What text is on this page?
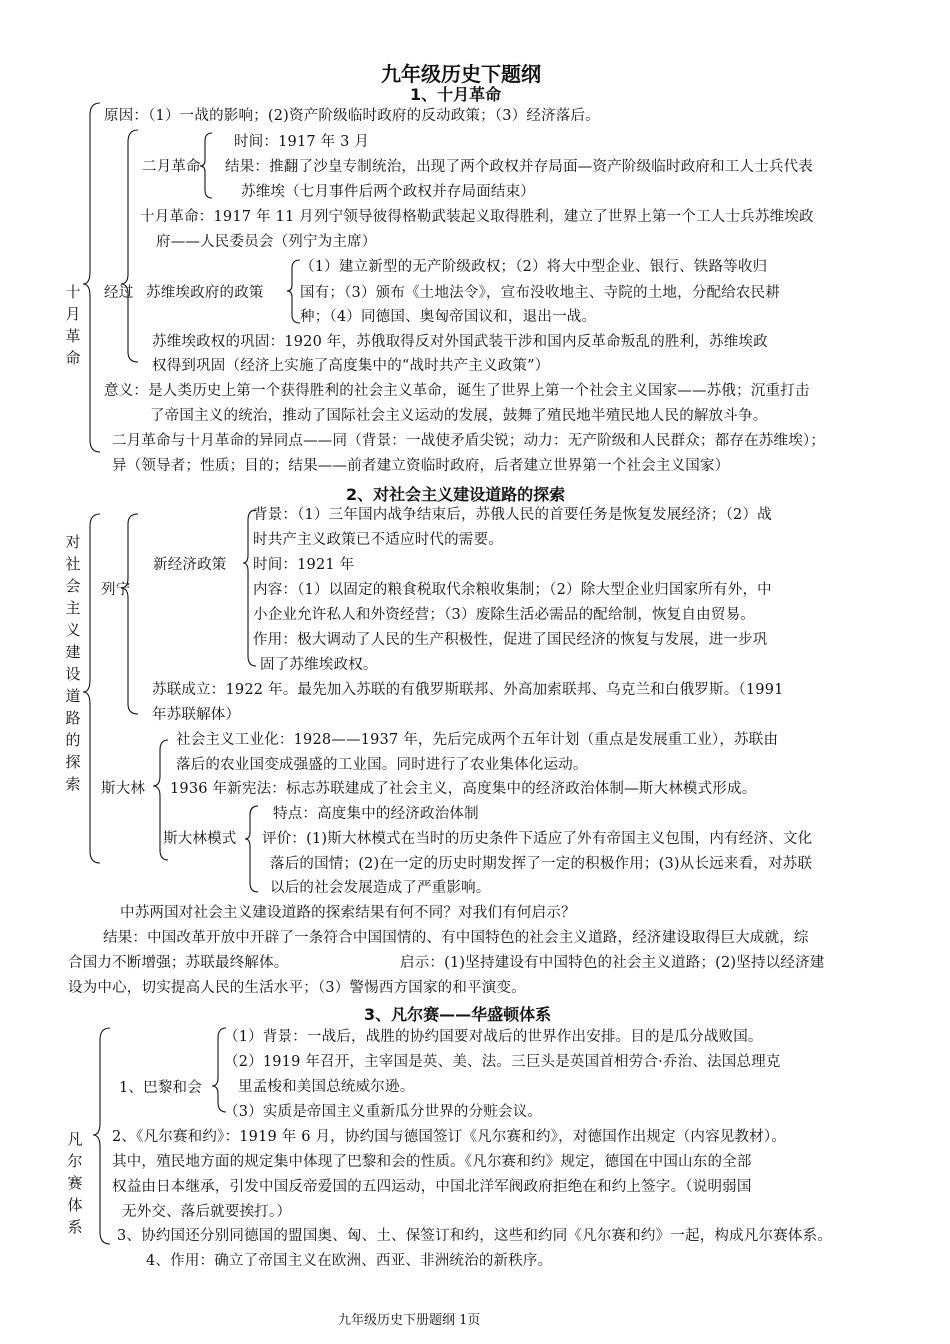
九年级历史下题纲
1、十月革命
十月革命
原因：（1）一战的影响；(2)资产阶级临时政府的反动政策；（3）经济落后。
经过
二月革命
时间：1917 年 3 月
结果：推翻了沙皇专制统治，出现了两个政权并存局面—资产阶级临时政府和工人士兵代表
苏维埃（七月事件后两个政权并存局面结束）
十月革命：1917 年 11 月列宁领导彼得格勒武装起义取得胜利，建立了世界上第一个工人士兵苏维埃政
府——人民委员会（列宁为主席）
苏维埃政府的政策
（1）建立新型的无产阶级政权；（2）将大中型企业、银行、铁路等收归
国有；（3）颁布《土地法令》，宣布没收地主、寺院的土地，分配给农民耕
种；（4）同德国、奥匈帝国议和，退出一战。
苏维埃政权的巩固：1920 年，苏俄取得反对外国武装干涉和国内反革命叛乱的胜利，苏维埃政
权得到巩固（经济上实施了高度集中的“战时共产主义政策”）
意义：是人类历史上第一个获得胜利的社会主义革命，诞生了世界上第一个社会主义国家——苏俄；沉重打击
了帝国主义的统治，推动了国际社会主义运动的发展，鼓舞了殖民地半殖民地人民的解放斗争。
二月革命与十月革命的异同点——同（背景：一战使矛盾尖锐；动力：无产阶级和人民群众；都存在苏维埃）；
异（领导者；性质；目的；结果——前者建立资临时政府，后者建立世界第一个社会主义国家）
2、对社会主义建设道路的探索
对社会主义建设道路的探索
列宁
新经济政策
背景：（1）三年国内战争结束后，苏俄人民的首要任务是恢复发展经济；（2）战
时共产主义政策已不适应时代的需要。
时间：1921 年
内容：（1）以固定的粮食税取代余粮收集制；（2）除大型企业归国家所有外，中
小企业允许私人和外资经营；（3）废除生活必需品的配给制，恢复自由贸易。
作用：极大调动了人民的生产积极性，促进了国民经济的恢复与发展，进一步巩
固了苏维埃政权。
苏联成立：1922 年。最先加入苏联的有俄罗斯联邦、外高加索联邦、乌克兰和白俄罗斯。（1991
年苏联解体）
斯大林
社会主义工业化：1928——1937 年，先后完成两个五年计划（重点是发展重工业），苏联由
落后的农业国变成强盛的工业国。同时进行了农业集体化运动。
1936 年新宪法：标志苏联建成了社会主义，高度集中的经济政治体制—斯大林模式形成。
斯大林模式
特点：高度集中的经济政治体制
评价：(1)斯大林模式在当时的历史条件下适应了外有帝国主义包围，内有经济、文化
落后的国情；(2)在一定的历史时期发挥了一定的积极作用；(3)从长远来看，对苏联
以后的社会发展造成了严重影响。
中苏两国对社会主义建设道路的探索结果有何不同？对我们有何启示？
结果：中国改革开放中开辟了一条符合中国国情的、有中国特色的社会主义道路，经济建设取得巨大成就，综
合国力不断增强；苏联最终解体。	启示：(1)坚持建设有中国特色的社会主义道路；(2)坚持以经济建
设为中心，切实提高人民的生活水平；（3）警惕西方国家的和平演变。
3、凡尔赛——华盛顿体系
凡尔赛体系
1、巴黎和会
（1）背景：一战后，战胜的协约国要对战后的世界作出安排。目的是瓜分战败国。
（2）1919 年召开，主宰国是英、美、法。三巨头是英国首相劳合·乔治、法国总理克
里孟梭和美国总统威尔逊。
（3）实质是帝国主义重新瓜分世界的分赃会议。
2、《凡尔赛和约》：1919 年 6 月，协约国与德国签订《凡尔赛和约》，对德国作出规定（内容见教材）。
其中，殖民地方面的规定集中体现了巴黎和会的性质。《凡尔赛和约》规定，德国在中国山东的全部
权益由日本继承，引发中国反帝爱国的五四运动，中国北洋军阀政府拒绝在和约上签字。（说明弱国
无外交、落后就要挨打。）
3、协约国还分别同德国的盟国奥、匈、土、保签订和约，这些和约同《凡尔赛和约》一起，构成凡尔赛体系。
4、作用：确立了帝国主义在欧洲、西亚、非洲统治的新秩序。
九年级历史下册题纲 1页
